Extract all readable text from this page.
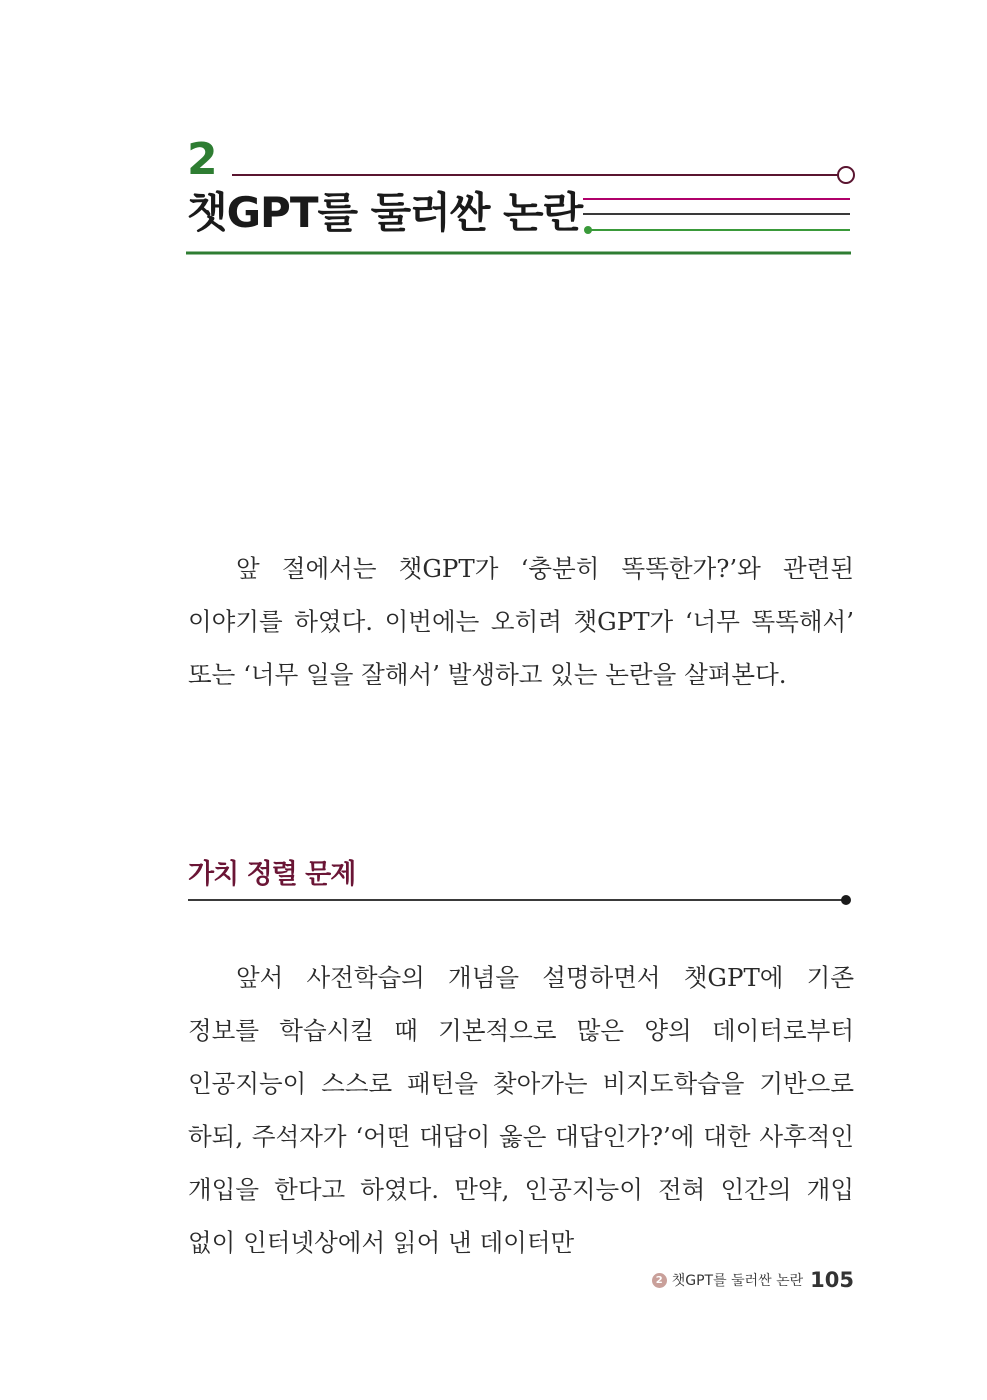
2
챗GPT를 둘러싼 논란

앞 절에서는 챗GPT가 ‘충분히 똑똑한가?’와 관련된 이야기를 하였다. 이번에는 오히려 챗GPT가 ‘너무 똑똑해서’ 또는 ‘너무 일을 잘해서’ 발생하고 있는 논란을 살펴본다.

가치 정렬 문제

앞서 사전학습의 개념을 설명하면서 챗GPT에 기존 정보를 학습시킬 때 기본적으로 많은 양의 데이터로부터 인공지능이 스스로 패턴을 찾아가는 비지도학습을 기반으로 하되, 주석자가 ‘어떤 대답이 옳은 대답인가?’에 대한 사후적인 개입을 한다고 하였다. 만약, 인공지능이 전혀 인간의 개입 없이 인터넷상에서 읽어 낸 데이터만

2 챗GPT를 둘러싼 논란 105
